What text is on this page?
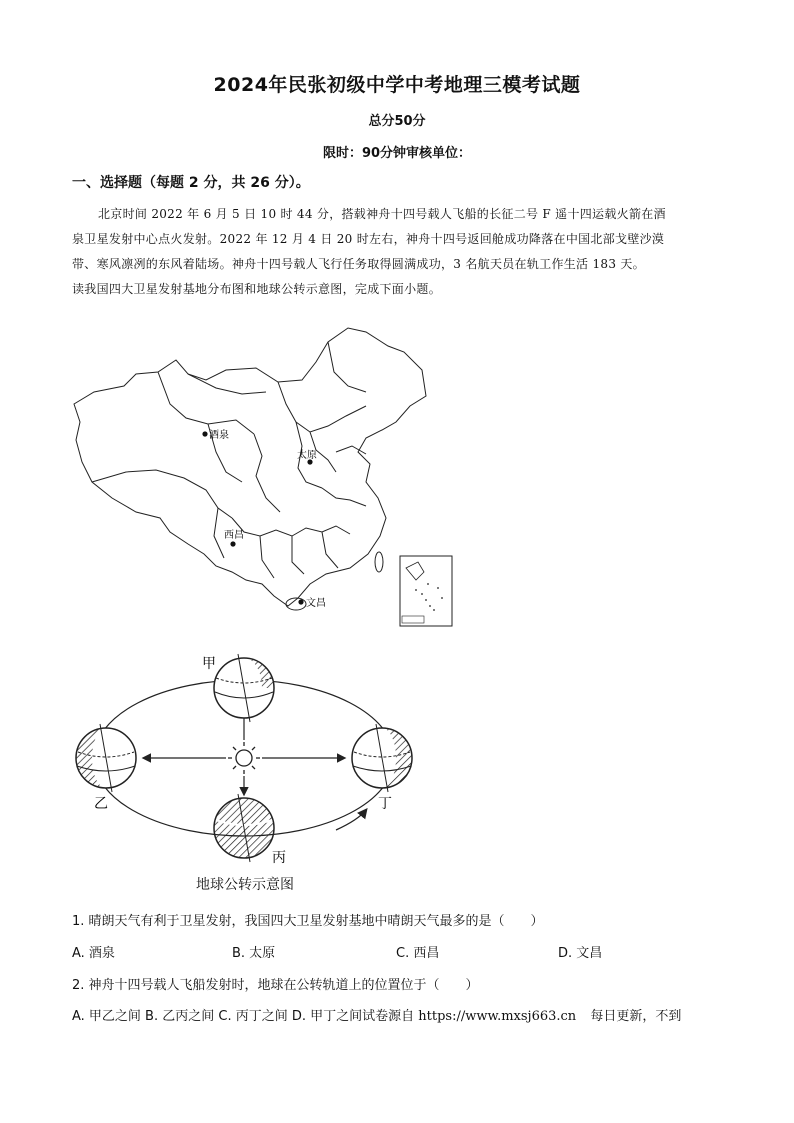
2024年民张初级中学中考地理三模考试题
总分50分
限时：90分钟审核单位：
一、选择题（每题 2 分，共 26 分）。
北京时间 2022 年 6 月 5 日 10 时 44 分，搭载神舟十四号载人飞船的长征二号 F 遥十四运载火箭在酒
泉卫星发射中心点火发射。2022 年 12 月 4 日 20 时左右，神舟十四号返回舱成功降落在中国北部戈壁沙漠
带、寒风凛冽的东风着陆场。神舟十四号载人飞行任务取得圆满成功，3 名航天员在轨工作生活 183 天。
读我国四大卫星发射基地分布图和地球公转示意图，完成下面小题。
酒泉
太原
西昌
文昌
甲
乙
丙
丁
地球公转示意图
1. 晴朗天气有利于卫星发射，我国四大卫星发射基地中晴朗天气最多的是（　　）
A. 酒泉	B. 太原	C. 西昌	D. 文昌
2. 神舟十四号载人飞船发射时，地球在公转轨道上的位置位于（　　）
A. 甲乙之间 B. 乙丙之间 C. 丙丁之间 D. 甲丁之间试卷源自 https://www.mxsj663.cn 每日更新，不到
